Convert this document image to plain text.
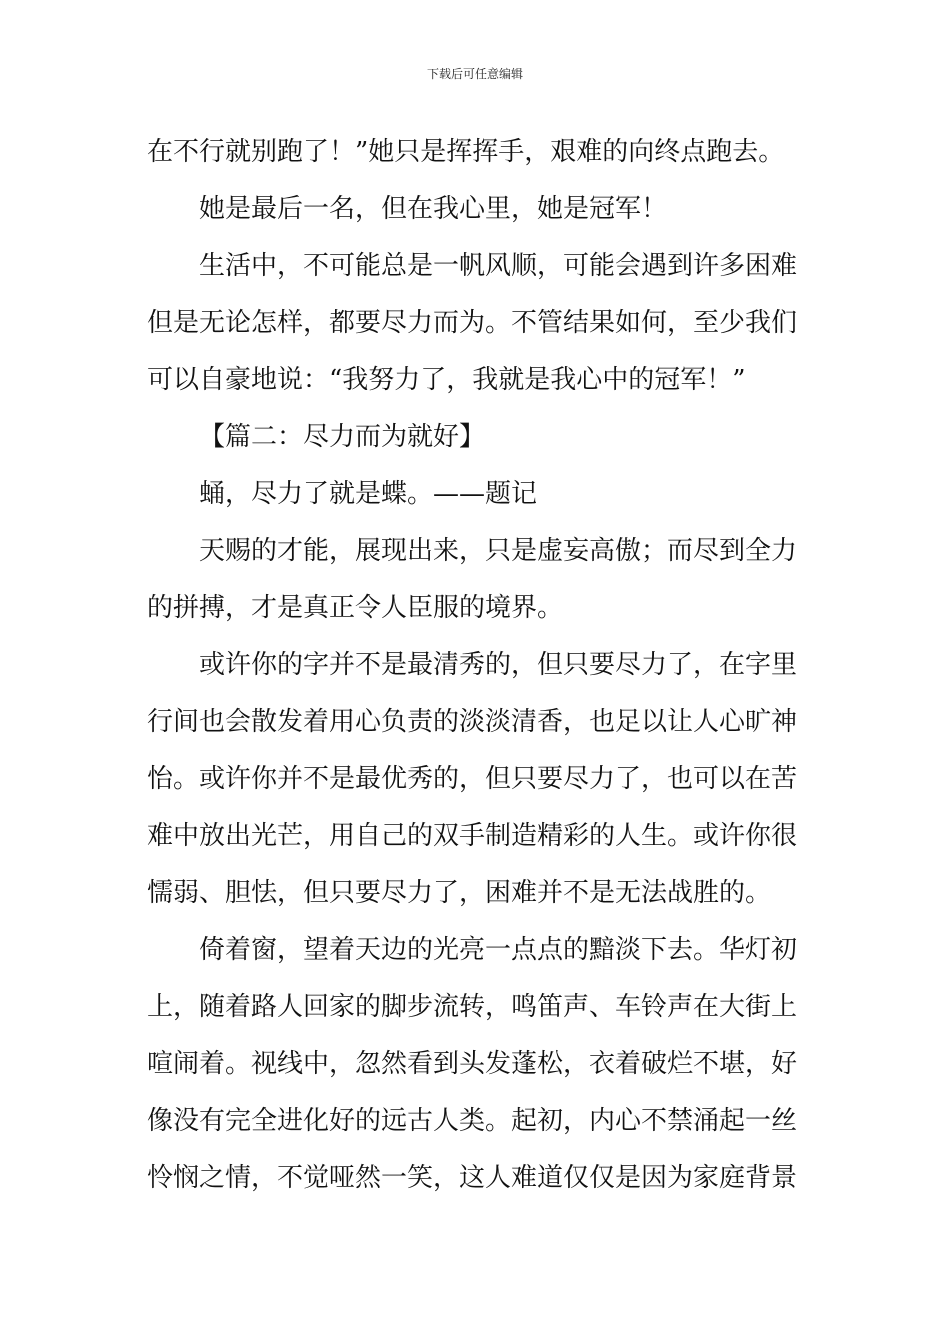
下载后可任意编辑
在不行就别跑了！”她只是挥挥手，艰难的向终点跑去。
她是最后一名，但在我心里，她是冠军！
生活中，不可能总是一帆风顺，可能会遇到许多困难
但是无论怎样，都要尽力而为。不管结果如何，至少我们
可以自豪地说：“我努力了，我就是我心中的冠军！”
【篇二：尽力而为就好】
蛹，尽力了就是蝶。——题记
天赐的才能，展现出来，只是虚妄高傲；而尽到全力
的拼搏，才是真正令人臣服的境界。
或许你的字并不是最清秀的，但只要尽力了，在字里
行间也会散发着用心负责的淡淡清香，也足以让人心旷神
怡。或许你并不是最优秀的，但只要尽力了，也可以在苦
难中放出光芒，用自己的双手制造精彩的人生。或许你很
懦弱、胆怯，但只要尽力了，困难并不是无法战胜的。
倚着窗，望着天边的光亮一点点的黯淡下去。华灯初
上，随着路人回家的脚步流转，鸣笛声、车铃声在大街上
喧闹着。视线中，忽然看到头发蓬松，衣着破烂不堪，好
像没有完全进化好的远古人类。起初，内心不禁涌起一丝
怜悯之情，不觉哑然一笑，这人难道仅仅是因为家庭背景
